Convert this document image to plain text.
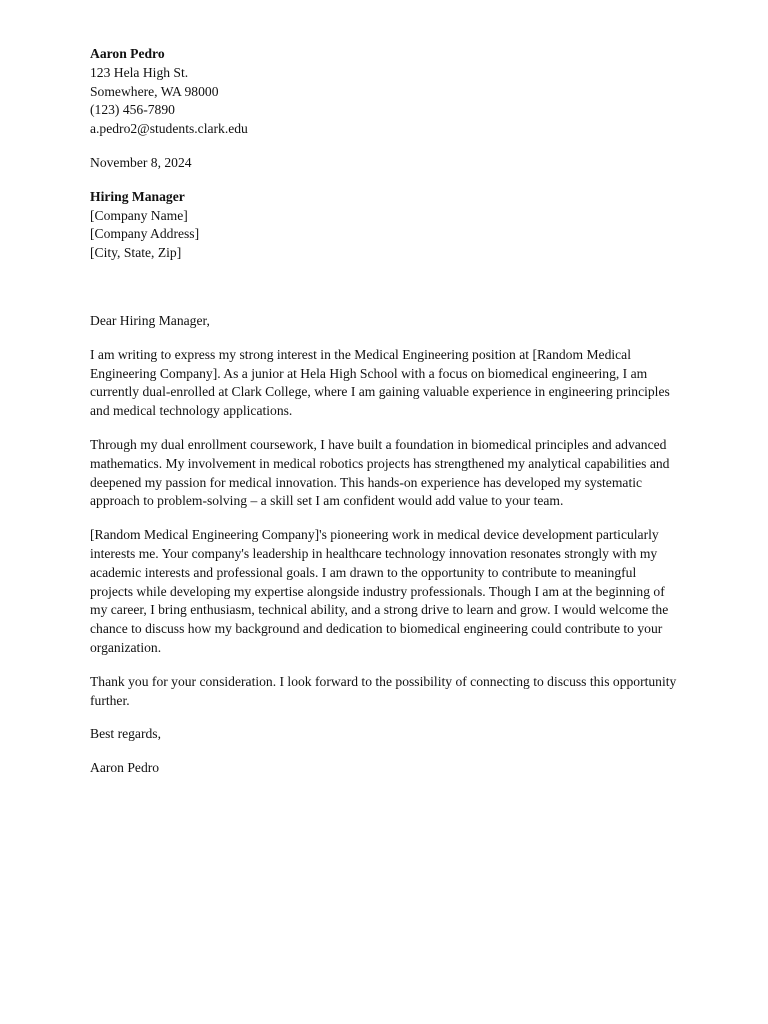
Aaron Pedro
123 Hela High St.
Somewhere, WA 98000
(123) 456-7890
a.pedro2@students.clark.edu
November 8, 2024
Hiring Manager
[Company Name]
[Company Address]
[City, State, Zip]
Dear Hiring Manager,

I am writing to express my strong interest in the Medical Engineering position at [Random Medical Engineering Company]. As a junior at Hela High School with a focus on biomedical engineering, I am currently dual-enrolled at Clark College, where I am gaining valuable experience in engineering principles and medical technology applications.

Through my dual enrollment coursework, I have built a foundation in biomedical principles and advanced mathematics. My involvement in medical robotics projects has strengthened my analytical capabilities and deepened my passion for medical innovation. This hands-on experience has developed my systematic approach to problem-solving – a skill set I am confident would add value to your team.

[Random Medical Engineering Company]'s pioneering work in medical device development particularly interests me. Your company's leadership in healthcare technology innovation resonates strongly with my academic interests and professional goals. I am drawn to the opportunity to contribute to meaningful projects while developing my expertise alongside industry professionals. Though I am at the beginning of my career, I bring enthusiasm, technical ability, and a strong drive to learn and grow. I would welcome the chance to discuss how my background and dedication to biomedical engineering could contribute to your organization.

Thank you for your consideration. I look forward to the possibility of connecting to discuss this opportunity further.

Best regards,
Aaron Pedro
